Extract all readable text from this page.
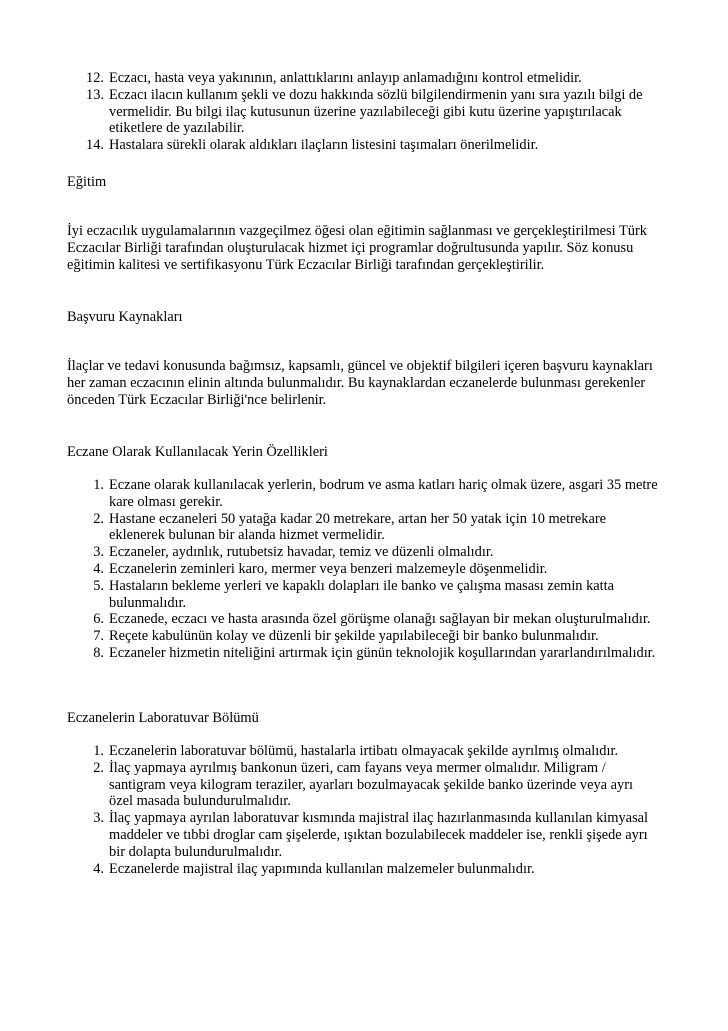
12 . Eczacı, hasta veya yakınının, anlattıklarını anlayıp anlamadığını kontrol etmelidir.
13 . Eczacı ilacın kullanım şekli ve dozu hakkında sözlü bilgilendirmenin yanı sıra yazılı bilgi de vermelidir. Bu bilgi ilaç kutusunun üzerine yazılabileceği gibi kutu üzerine yapıştırılacak etiketlere de yazılabilir.
14 . Hastalara sürekli olarak aldıkları ilaçların listesini taşımaları önerilmelidir.
Eğitim

İyi eczacılık uygulamalarının vazgeçilmez öğesi olan eğitimin sağlanması ve gerçekleştirilmesi Türk Eczacılar Birliği tarafından oluşturulacak hizmet içi programlar doğrultusunda yapılır. Söz konusu eğitimin kalitesi ve sertifikasyonu Türk Eczacılar Birliği tarafından gerçekleştirilir.

Başvuru Kaynakları

İlaçlar ve tedavi konusunda bağımsız, kapsamlı, güncel ve objektif bilgileri içeren başvuru kaynakları her zaman eczacının elinin altında bulunmalıdır. Bu kaynaklardan eczanelerde bulunması gerekenler önceden Türk Eczacılar Birliği'nce belirlenir.

Eczane Olarak Kullanılacak Yerin Özellikleri
1 . Eczane olarak kullanılacak yerlerin, bodrum ve asma katları hariç olmak üzere, asgari 35 metre kare olması gerekir.
2 . Hastane eczaneleri 50 yatağa kadar 20 metrekare, artan her 50 yatak için 10 metrekare eklenerek bulunan bir alanda hizmet vermelidir.
3 . Eczaneler, aydınlık, rutubetsiz havadar, temiz ve düzenli olmalıdır.
4 . Eczanelerin zeminleri karo, mermer veya benzeri malzemeyle döşenmelidir.
5 . Hastaların bekleme yerleri ve kapaklı dolapları ile banko ve çalışma masası zemin katta bulunmalıdır.
6 . Eczanede, eczacı ve hasta arasında özel görüşme olanağı sağlayan bir mekan oluşturulmalıdır.
7 . Reçete kabulünün kolay ve düzenli bir şekilde yapılabileceği bir banko bulunmalıdır.
8 . Eczaneler hizmetin niteliğini artırmak için günün teknolojik koşullarından yararlandırılmalıdır.
Eczanelerin Laboratuvar Bölümü
1 . Eczanelerin laboratuvar bölümü, hastalarla irtibatı olmayacak şekilde ayrılmış olmalıdır.
2 . İlaç yapmaya ayrılmış bankonun üzeri, cam fayans veya mermer olmalıdır. Miligram / santigram veya kilogram teraziler, ayarları bozulmayacak şekilde banko üzerinde veya ayrı özel masada bulundurulmalıdır.
3 . İlaç yapmaya ayrılan laboratuvar kısmında majistral ilaç hazırlanmasında kullanılan kimyasal maddeler ve tıbbi droglar cam şişelerde, ışıktan bozulabilecek maddeler ise, renkli şişede ayrı bir dolapta bulundurulmalıdır.
4 . Eczanelerde majistral ilaç yapımında kullanılan malzemeler bulunmalıdır.
